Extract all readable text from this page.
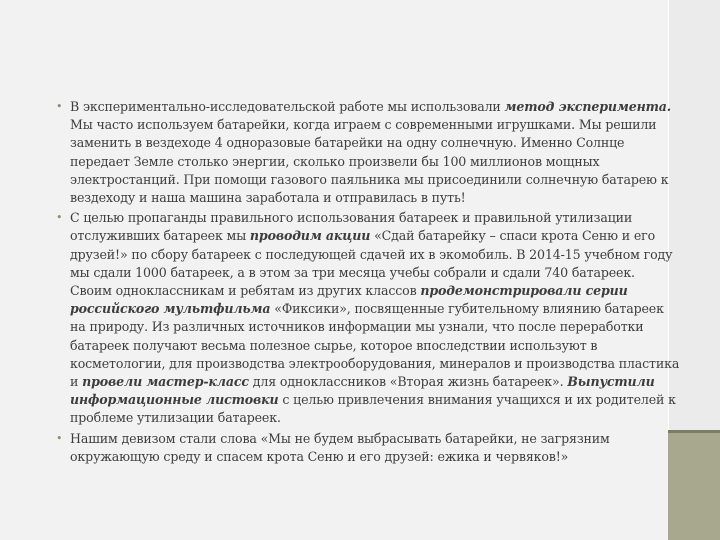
• В экспериментально-исследовательской работе мы использовали метод эксперимента. Мы часто используем батарейки, когда играем с современными игрушками. Мы решили заменить в вездеходе 4 одноразовые батарейки на одну солнечную. Именно Солнце передает Земле столько энергии, сколько произвели бы 100 миллионов мощных электростанций. При помощи газового паяльника мы присоединили солнечную батарею к вездеходу и наша машина заработала и отправилась в путь!
• С целью пропаганды правильного использования батареек и правильной утилизации отслуживших батареек мы проводим акции «Сдай батарейку – спаси крота Сеню и его друзей!» по сбору батареек с последующей сдачей их в экомобиль. В 2014-15 учебном году мы сдали 1000 батареек, а в этом за три месяца учебы собрали и сдали 740 батареек. Своим одноклассникам и ребятам из других классов продемонстрировали серии российского мультфильма «Фиксики», посвященные губительному влиянию батареек на природу. Из различных источников информации мы узнали, что после переработки батареек получают весьма полезное сырье, которое впоследствии используют в косметологии, для производства электрооборудования, минералов и производства пластика и провели мастер-класс для одноклассников «Вторая жизнь батареек». Выпустили информационные листовки с целью привлечения внимания учащихся и их родителей к проблеме утилизации батареек.
• Нашим девизом стали слова «Мы не будем выбрасывать батарейки, не загрязним окружающую среду и спасем крота Сеню и его друзей: ежика и червяков!»
